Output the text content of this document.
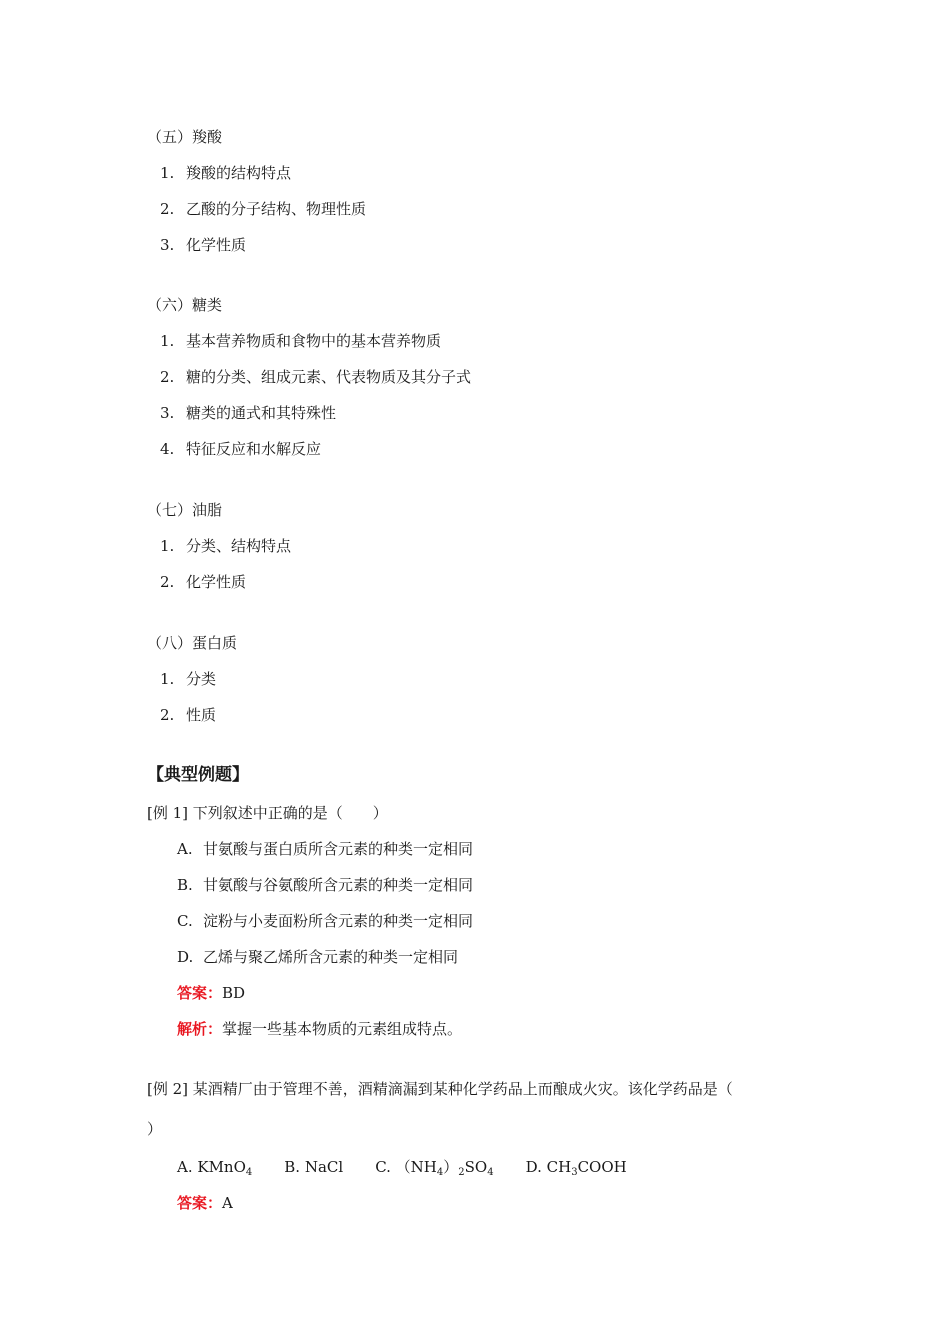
（五）羧酸
1. 羧酸的结构特点
2. 乙酸的分子结构、物理性质
3. 化学性质
（六）糖类
1. 基本营养物质和食物中的基本营养物质
2. 糖的分类、组成元素、代表物质及其分子式
3. 糖类的通式和其特殊性
4. 特征反应和水解反应
（七）油脂
1. 分类、结构特点
2. 化学性质
（八）蛋白质
1. 分类
2. 性质
【典型例题】
[例 1] 下列叙述中正确的是（　　）
A. 甘氨酸与蛋白质所含元素的种类一定相同
B. 甘氨酸与谷氨酸所含元素的种类一定相同
C. 淀粉与小麦面粉所含元素的种类一定相同
D. 乙烯与聚乙烯所含元素的种类一定相同
答案：BD
解析：掌握一些基本物质的元素组成特点。
[例 2] 某酒精厂由于管理不善，酒精滴漏到某种化学药品上而酿成火灾。该化学药品是（
）
A. KMnO$_4$ B. NaCl C. $(NH_4)_2SO_4$ D. $CH_3COOH$
答案：A
